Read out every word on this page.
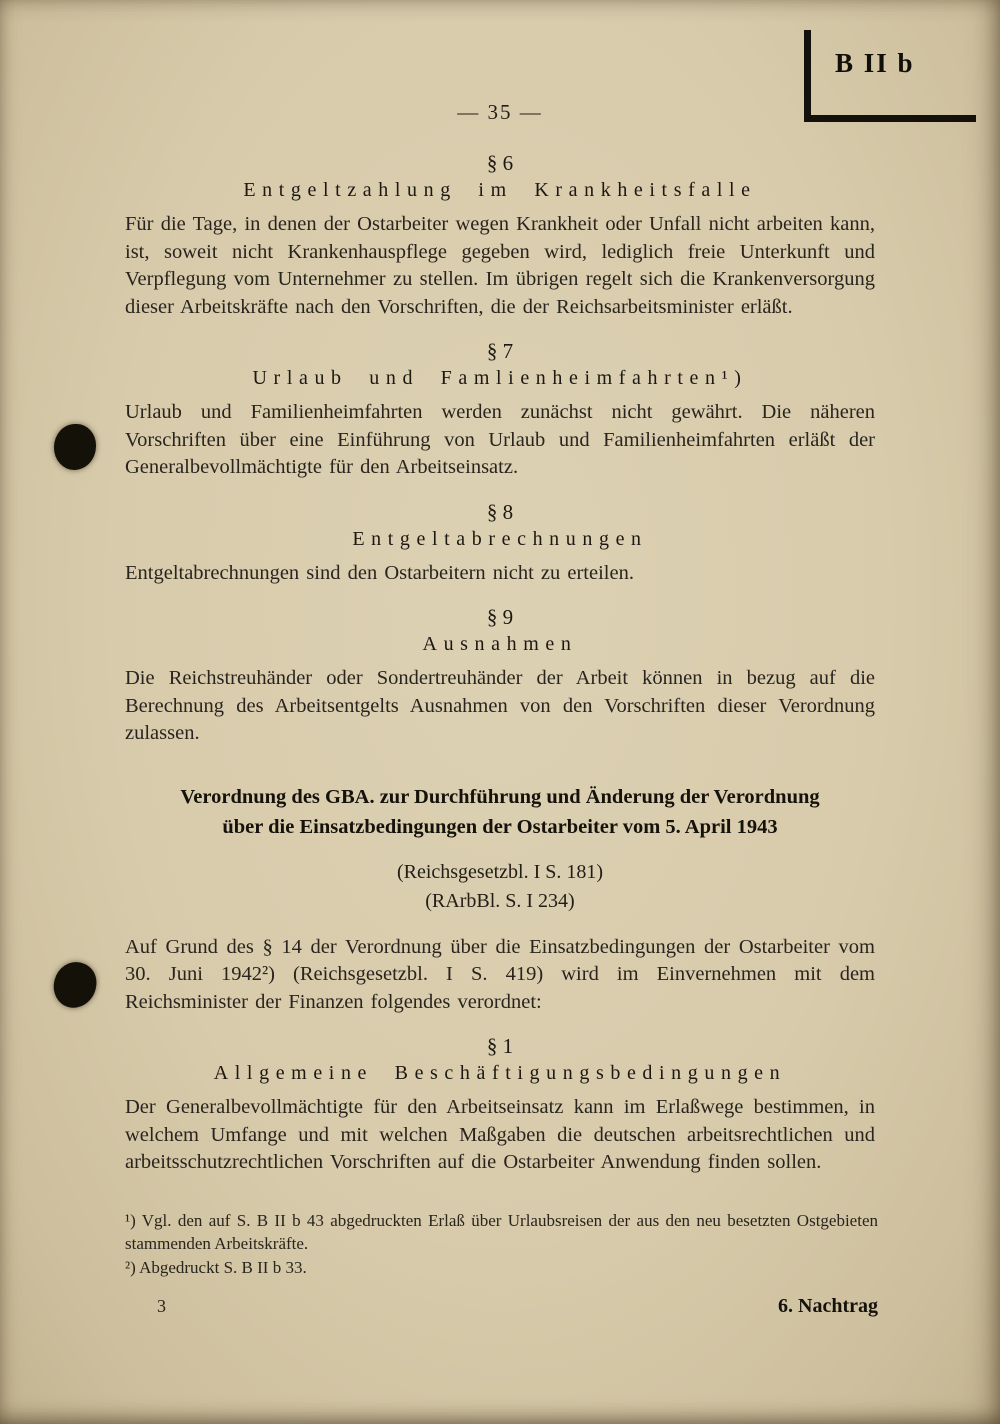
B II b
— 35 —
§ 6
Entgeltzahlung im Krankheitsfalle

Für die Tage, in denen der Ostarbeiter wegen Krankheit oder Unfall nicht arbeiten kann, ist, soweit nicht Krankenhauspflege gegeben wird, lediglich freie Unterkunft und Verpflegung vom Unternehmer zu stellen. Im übrigen regelt sich die Krankenversorgung dieser Arbeitskräfte nach den Vorschriften, die der Reichsarbeitsminister erläßt.

§ 7
Urlaub und Famlienheimfahrten¹)

Urlaub und Familienheimfahrten werden zunächst nicht gewährt. Die näheren Vorschriften über eine Einführung von Urlaub und Familienheimfahrten erläßt der Generalbevollmächtigte für den Arbeitseinsatz.

§ 8
Entgeltabrechnungen

Entgeltabrechnungen sind den Ostarbeitern nicht zu erteilen.

§ 9
Ausnahmen

Die Reichstreuhänder oder Sondertreuhänder der Arbeit können in bezug auf die Berechnung des Arbeitsentgelts Ausnahmen von den Vorschriften dieser Verordnung zulassen.

Verordnung des GBA. zur Durchführung und Änderung der Verordnung
über die Einsatzbedingungen der Ostarbeiter vom 5. April 1943
(Reichsgesetzbl. I S. 181)
(RArbBl. S. I 234)

Auf Grund des § 14 der Verordnung über die Einsatzbedingungen der Ostarbeiter vom 30. Juni 1942²) (Reichsgesetzbl. I S. 419) wird im Einvernehmen mit dem Reichsminister der Finanzen folgendes verordnet:

§ 1
Allgemeine Beschäftigungsbedingungen

Der Generalbevollmächtigte für den Arbeitseinsatz kann im Erlaßwege bestimmen, in welchem Umfange und mit welchen Maßgaben die deutschen arbeitsrechtlichen und arbeitsschutzrechtlichen Vorschriften auf die Ostarbeiter Anwendung finden sollen.

¹) Vgl. den auf S. B II b 43 abgedruckten Erlaß über Urlaubsreisen der aus den neu besetzten Ostgebieten stammenden Arbeitskräfte.

²) Abgedruckt S. B II b 33.

3	6. Nachtrag
